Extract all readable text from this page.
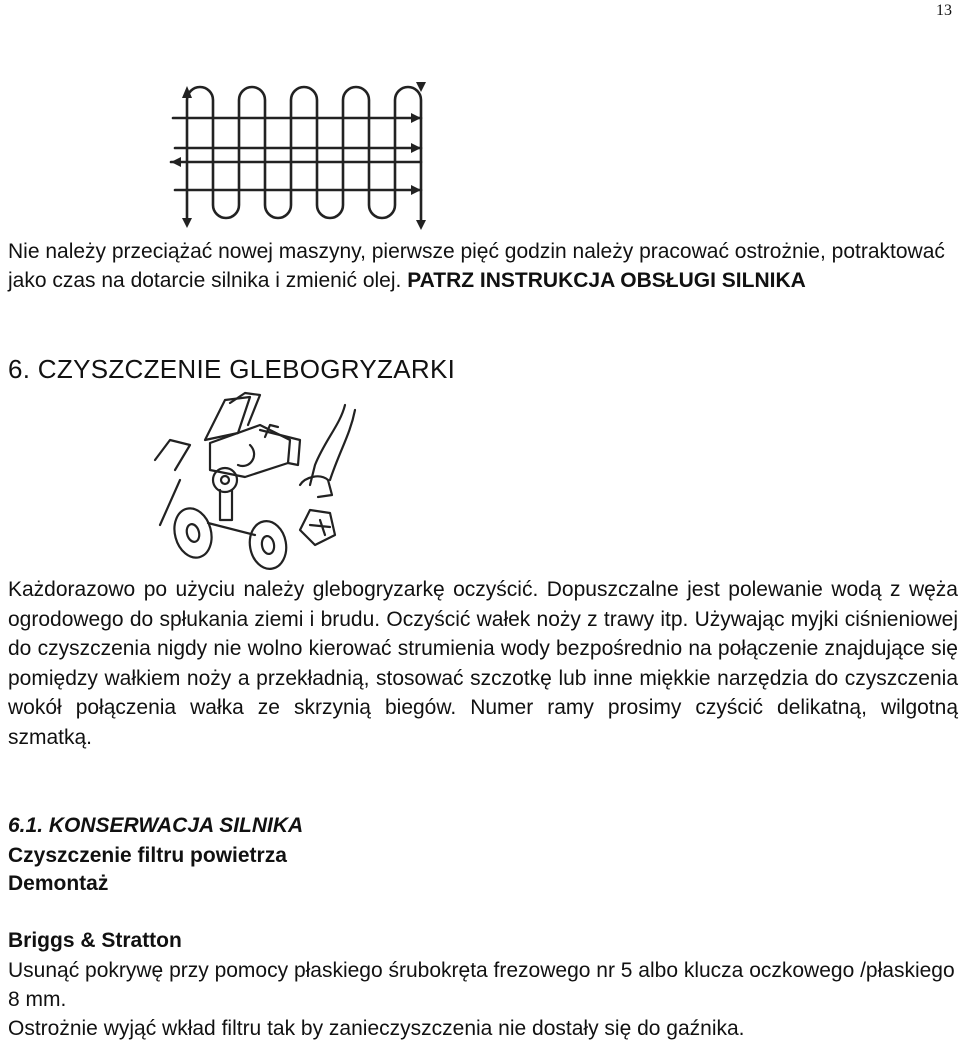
13

Nie należy przeciążać nowej maszyny, pierwsze pięć godzin należy pracować ostrożnie, potraktować jako czas na dotarcie silnika i zmienić olej. PATRZ INSTRUKCJA OBSŁUGI SILNIKA

6. CZYSZCZENIE GLEBOGRYZARKI

Każdorazowo po użyciu należy glebogryzarkę oczyścić. Dopuszczalne jest polewanie wodą z węża ogrodowego do spłukania ziemi i brudu. Oczyścić wałek noży z trawy itp. Używając myjki ciśnieniowej do czyszczenia nigdy nie wolno kierować strumienia wody bezpośrednio na połączenie znajdujące się pomiędzy wałkiem noży a przekładnią, stosować szczotkę lub inne miękkie narzędzia do czyszczenia wokół połączenia wałka ze skrzynią biegów. Numer ramy prosimy czyścić delikatną, wilgotną szmatką.

6.1. KONSERWACJA SILNIKA
Czyszczenie filtru powietrza
Demontaż
Briggs & Stratton

Usunąć pokrywę przy pomocy płaskiego śrubokręta frezowego nr 5 albo klucza oczkowego /płaskiego 8 mm.

Ostrożnie wyjąć wkład filtru tak by zanieczyszczenia nie dostały się do gaźnika.
